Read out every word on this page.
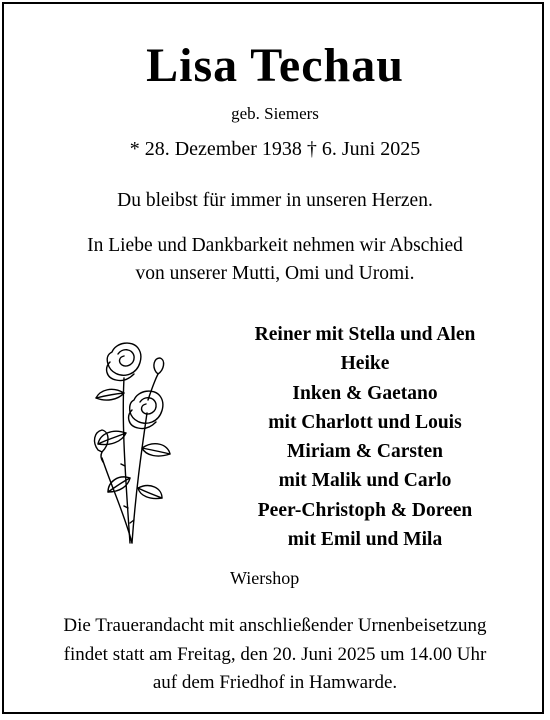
Lisa Techau
geb. Siemers
* 28. Dezember 1938 † 6. Juni 2025
Du bleibst für immer in unseren Herzen.
In Liebe und Dankbarkeit nehmen wir Abschied
von unserer Mutti, Omi und Uromi.
Reiner mit Stella und Alen
Heike
Inken & Gaetano
mit Charlott und Louis
Miriam & Carsten
mit Malik und Carlo
Peer-Christoph & Doreen
mit Emil und Mila
Wiershop
Die Trauerandacht mit anschließender Urnenbeisetzung
findet statt am Freitag, den 20. Juni 2025 um 14.00 Uhr
auf dem Friedhof in Hamwarde.
